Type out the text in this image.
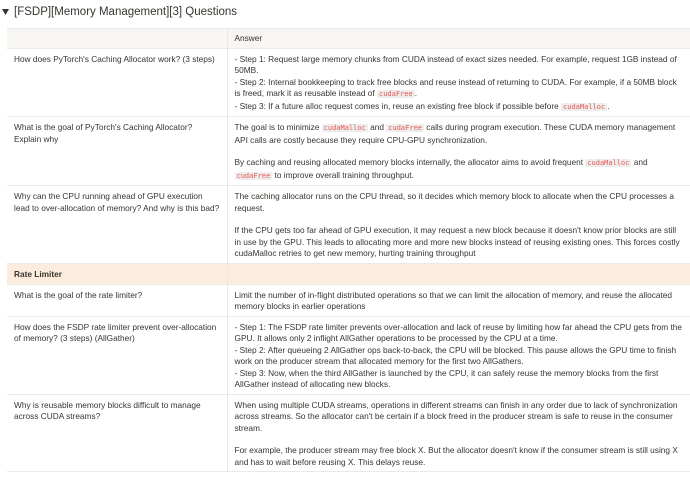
[FSDP][Memory Management][3] Questions
	Answer
How does PyTorch's Caching Allocator work? (3 steps)	- Step 1: Request large memory chunks from CUDA instead of exact sizes needed. For example, request 1GB instead of 50MB.
- Step 2: Internal bookkeeping to track free blocks and reuse instead of returning to CUDA. For example, if a 50MB block is freed, mark it as reusable instead of cudaFree .
- Step 3: If a future alloc request comes in, reuse an existing free block if possible before cudaMalloc .

What is the goal of PyTorch's Caching Allocator? Explain why	The goal is to minimize cudaMalloc and cudaFree calls during program execution. These CUDA memory management API calls are costly because they require CPU-GPU synchronization.
By caching and reusing allocated memory blocks internally, the allocator aims to avoid frequent cudaMalloc and cudaFree to improve overall training throughput.

Why can the CPU running ahead of GPU execution lead to over-allocation of memory? And why is this bad?	The caching allocator runs on the CPU thread, so it decides which memory block to allocate when the CPU processes a request.
If the CPU gets too far ahead of GPU execution, it may request a new block because it doesn't know prior blocks are still in use by the GPU. This leads to allocating more and more new blocks instead of reusing existing ones. This forces costly cudaMalloc retries to get new memory, hurting training throughput

Rate Limiter	
What is the goal of the rate limiter?	Limit the number of in-flight distributed operations so that we can limit the allocation of memory, and reuse the allocated memory blocks in earlier operations

How does the FSDP rate limiter prevent over-allocation of memory? (3 steps) (AllGather)	- Step 1: The FSDP rate limiter prevents over-allocation and lack of reuse by limiting how far ahead the CPU gets from the GPU. It allows only 2 inflight AllGather operations to be processed by the CPU at a time.
- Step 2: After queueing 2 AllGather ops back-to-back, the CPU will be blocked. This pause allows the GPU time to finish work on the producer stream that allocated memory for the first two AllGathers.
- Step 3: Now, when the third AllGather is launched by the CPU, it can safely reuse the memory blocks from the first AllGather instead of allocating new blocks.

Why is reusable memory blocks difficult to manage across CUDA streams?	When using multiple CUDA streams, operations in different streams can finish in any order due to lack of synchronization across streams. So the allocator can't be certain if a block freed in the producer stream is safe to reuse in the consumer stream.
For example, the producer stream may free block X. But the allocator doesn't know if the consumer stream is still using X and has to wait before reusing X. This delays reuse.
